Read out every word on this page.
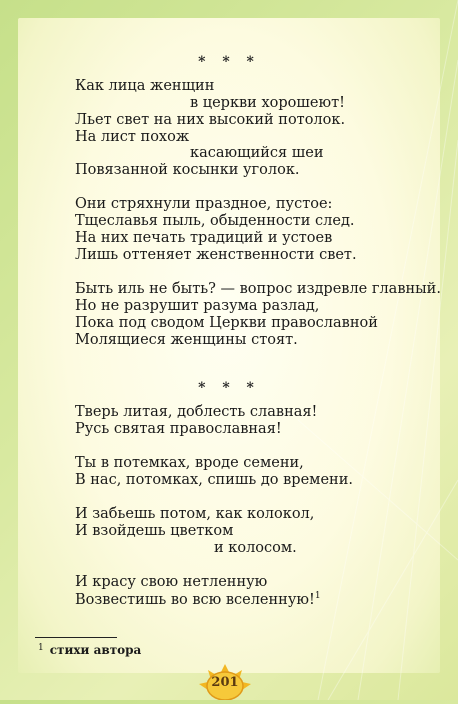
* * *
Как лица женщин
в церкви хорошеют!
Льет свет на них высокий потолок.
На лист похож
касающийся шеи
Повязанной косынки уголок.
Они стряхнули праздное, пустое:
Тщеславья пыль, обыденности след.
На них печать традиций и устоев
Лишь оттеняет женственности свет.
Быть иль не быть? — вопрос издревле главный.
Но не разрушит разума разлад,
Пока под сводом Церкви православной
Молящиеся женщины стоят.
* * *
Тверь литая, доблесть славная!
Русь святая православная!
Ты в потемках, вроде семени,
В нас, потомках, спишь до времени.
И забьешь потом, как колокол,
И взойдешь цветком
и колосом.
И красу свою нетленную
Возвестишь во всю вселенную!$^1$
$^1$ стихи автора
201
